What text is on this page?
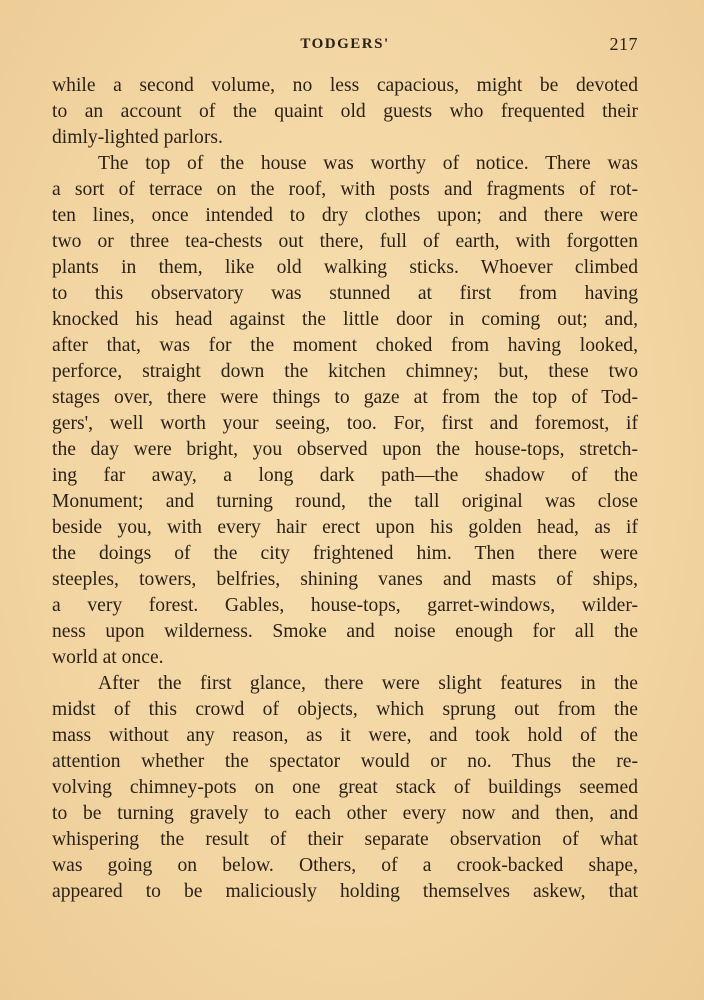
TODGERS'	217
while a second volume, no less capacious, might be devoted
to an account of the quaint old guests who frequented their
dimly-lighted parlors.
The top of the house was worthy of notice. There was
a sort of terrace on the roof, with posts and fragments of rot-
ten lines, once intended to dry clothes upon; and there were
two or three tea-chests out there, full of earth, with forgotten
plants in them, like old walking sticks. Whoever climbed
to this observatory was stunned at first from having
knocked his head against the little door in coming out; and,
after that, was for the moment choked from having looked,
perforce, straight down the kitchen chimney; but, these two
stages over, there were things to gaze at from the top of Tod-
gers', well worth your seeing, too. For, first and foremost, if
the day were bright, you observed upon the house-tops, stretch-
ing far away, a long dark path—the shadow of the
Monument; and turning round, the tall original was close
beside you, with every hair erect upon his golden head, as if
the doings of the city frightened him. Then there were
steeples, towers, belfries, shining vanes and masts of ships,
a very forest. Gables, house-tops, garret-windows, wilder-
ness upon wilderness. Smoke and noise enough for all the
world at once.
After the first glance, there were slight features in the
midst of this crowd of objects, which sprung out from the
mass without any reason, as it were, and took hold of the
attention whether the spectator would or no. Thus the re-
volving chimney-pots on one great stack of buildings seemed
to be turning gravely to each other every now and then, and
whispering the result of their separate observation of what
was going on below. Others, of a crook-backed shape,
appeared to be maliciously holding themselves askew, that
